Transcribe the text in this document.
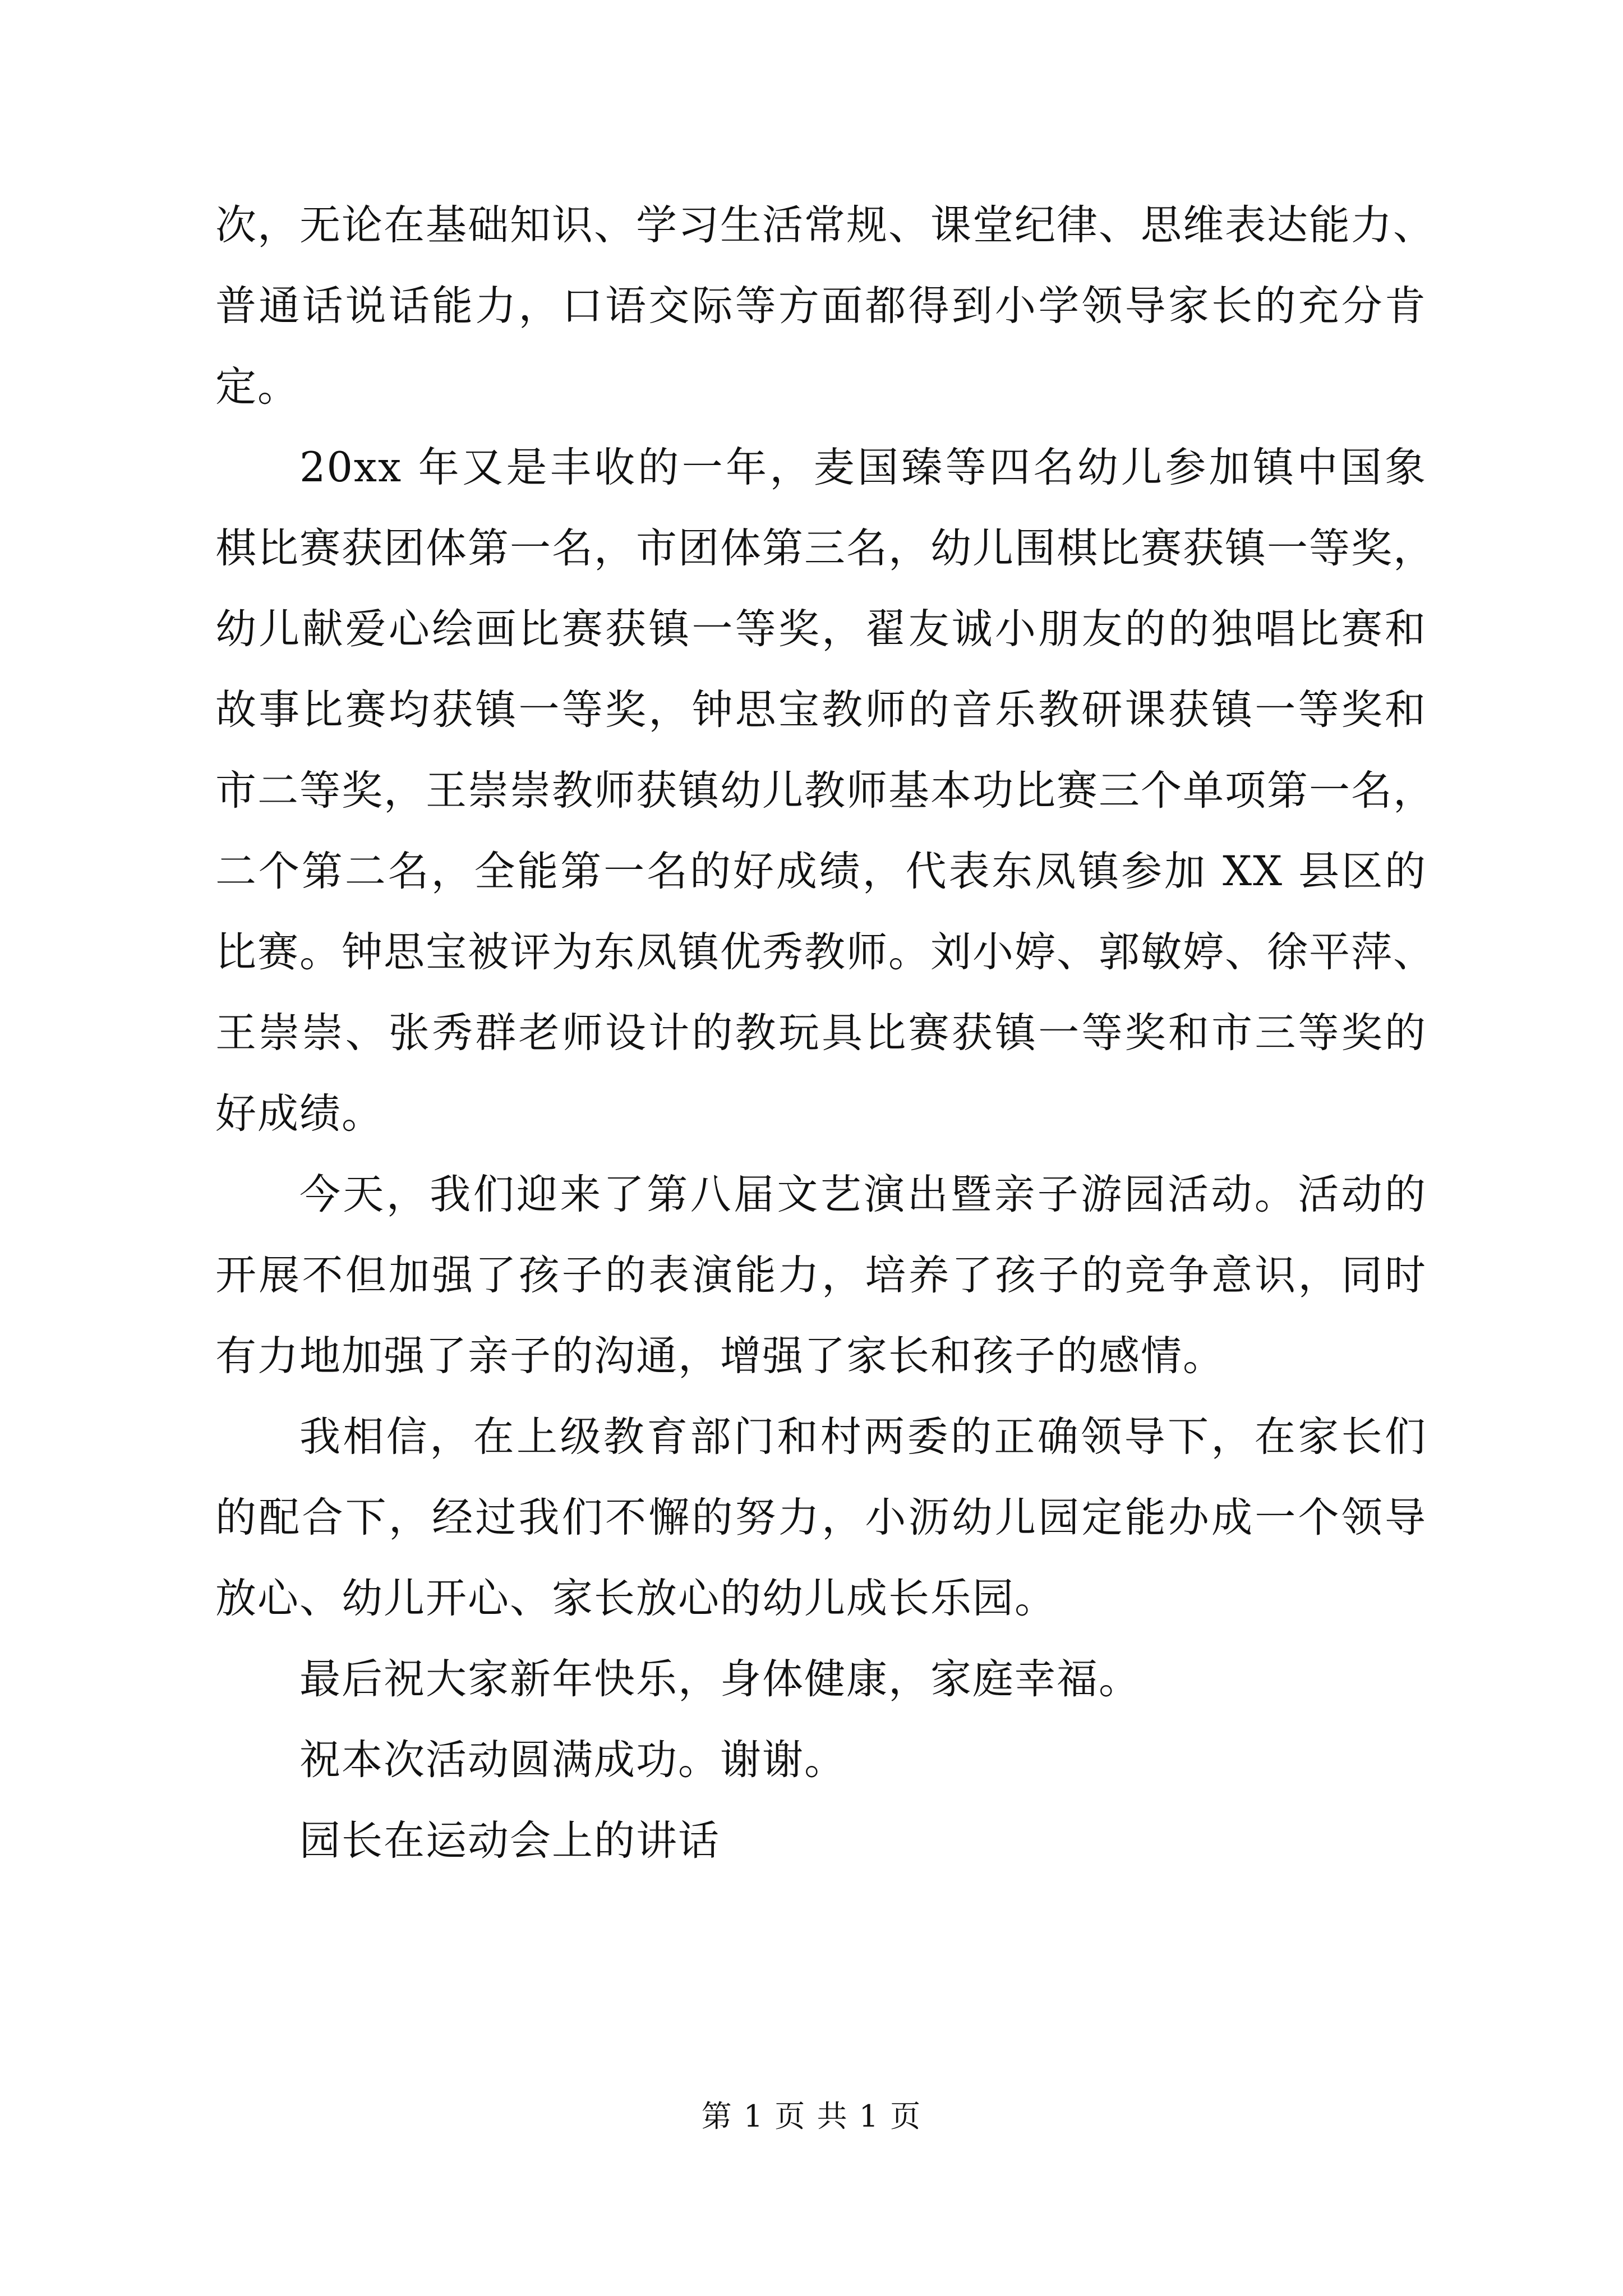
次，无论在基础知识、学习生活常规、课堂纪律、思维表达能力、
普通话说话能力，口语交际等方面都得到小学领导家长的充分肯
定。
20xx 年又是丰收的一年，麦国臻等四名幼儿参加镇中国象
棋比赛获团体第一名，市团体第三名，幼儿围棋比赛获镇一等奖，
幼儿献爱心绘画比赛获镇一等奖，翟友诚小朋友的的独唱比赛和
故事比赛均获镇一等奖，钟思宝教师的音乐教研课获镇一等奖和
市二等奖，王崇崇教师获镇幼儿教师基本功比赛三个单项第一名，
二个第二名，全能第一名的好成绩，代表东凤镇参加 XX 县区的
比赛。钟思宝被评为东凤镇优秀教师。刘小婷、郭敏婷、徐平萍、
王崇崇、张秀群老师设计的教玩具比赛获镇一等奖和市三等奖的
好成绩。
今天，我们迎来了第八届文艺演出暨亲子游园活动。活动的
开展不但加强了孩子的表演能力，培养了孩子的竞争意识，同时
有力地加强了亲子的沟通，增强了家长和孩子的感情。
我相信，在上级教育部门和村两委的正确领导下，在家长们
的配合下，经过我们不懈的努力，小沥幼儿园定能办成一个领导
放心、幼儿开心、家长放心的幼儿成长乐园。
最后祝大家新年快乐，身体健康，家庭幸福。
祝本次活动圆满成功。谢谢。
园长在运动会上的讲话
第 1 页 共 1 页
